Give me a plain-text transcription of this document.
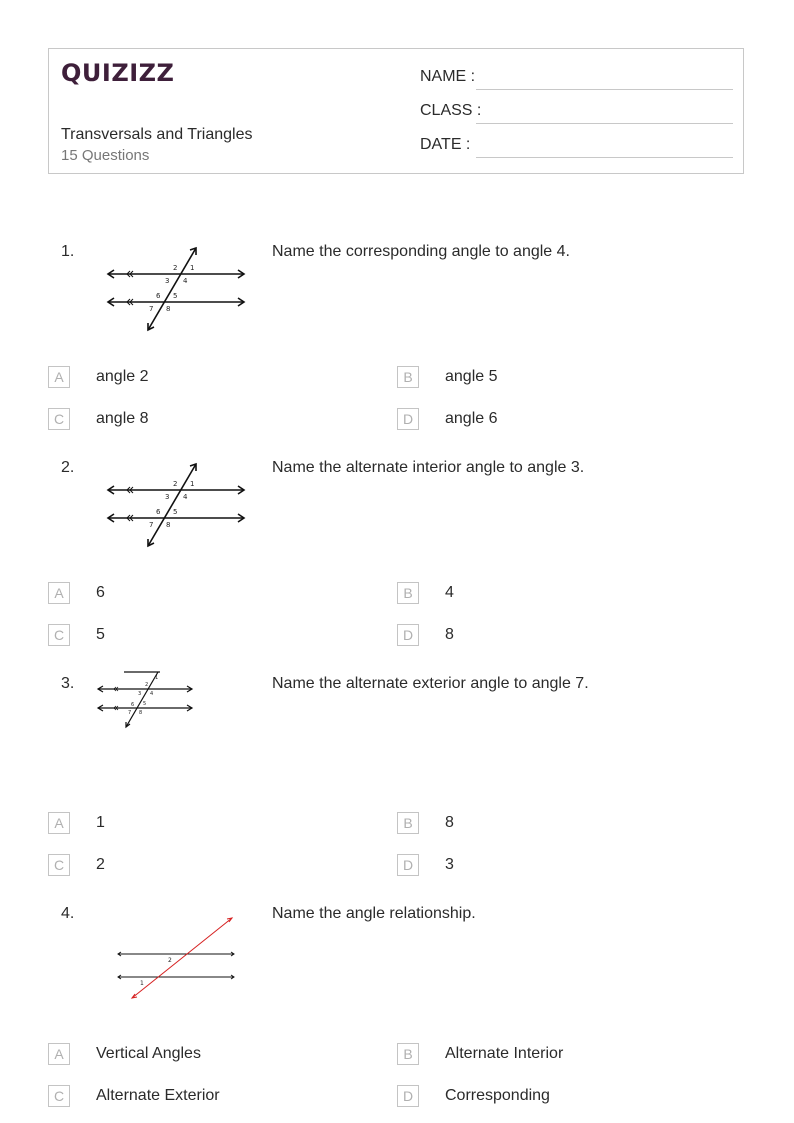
QUIZIZZ
Transversals and Triangles
15 Questions
NAME :
CLASS :
DATE :
1.
2 1
3 4
6 5
7 8
Name the corresponding angle to angle 4.
A	angle 2	B	angle 5
C	angle 8	D	angle 6
2.
2 1
3 4
6 5
7 8
Name the alternate interior angle to angle 3.
A	6	B	4
C	5	D	8
3.	2
1
3 4
6 5
7 8
Name the alternate exterior angle to angle 7.
A	1	B	8
C	2	D	3
4.
2
1
Name the angle relationship.
A	Vertical Angles	B	Alternate Interior
C	Alternate Exterior	D	Corresponding
